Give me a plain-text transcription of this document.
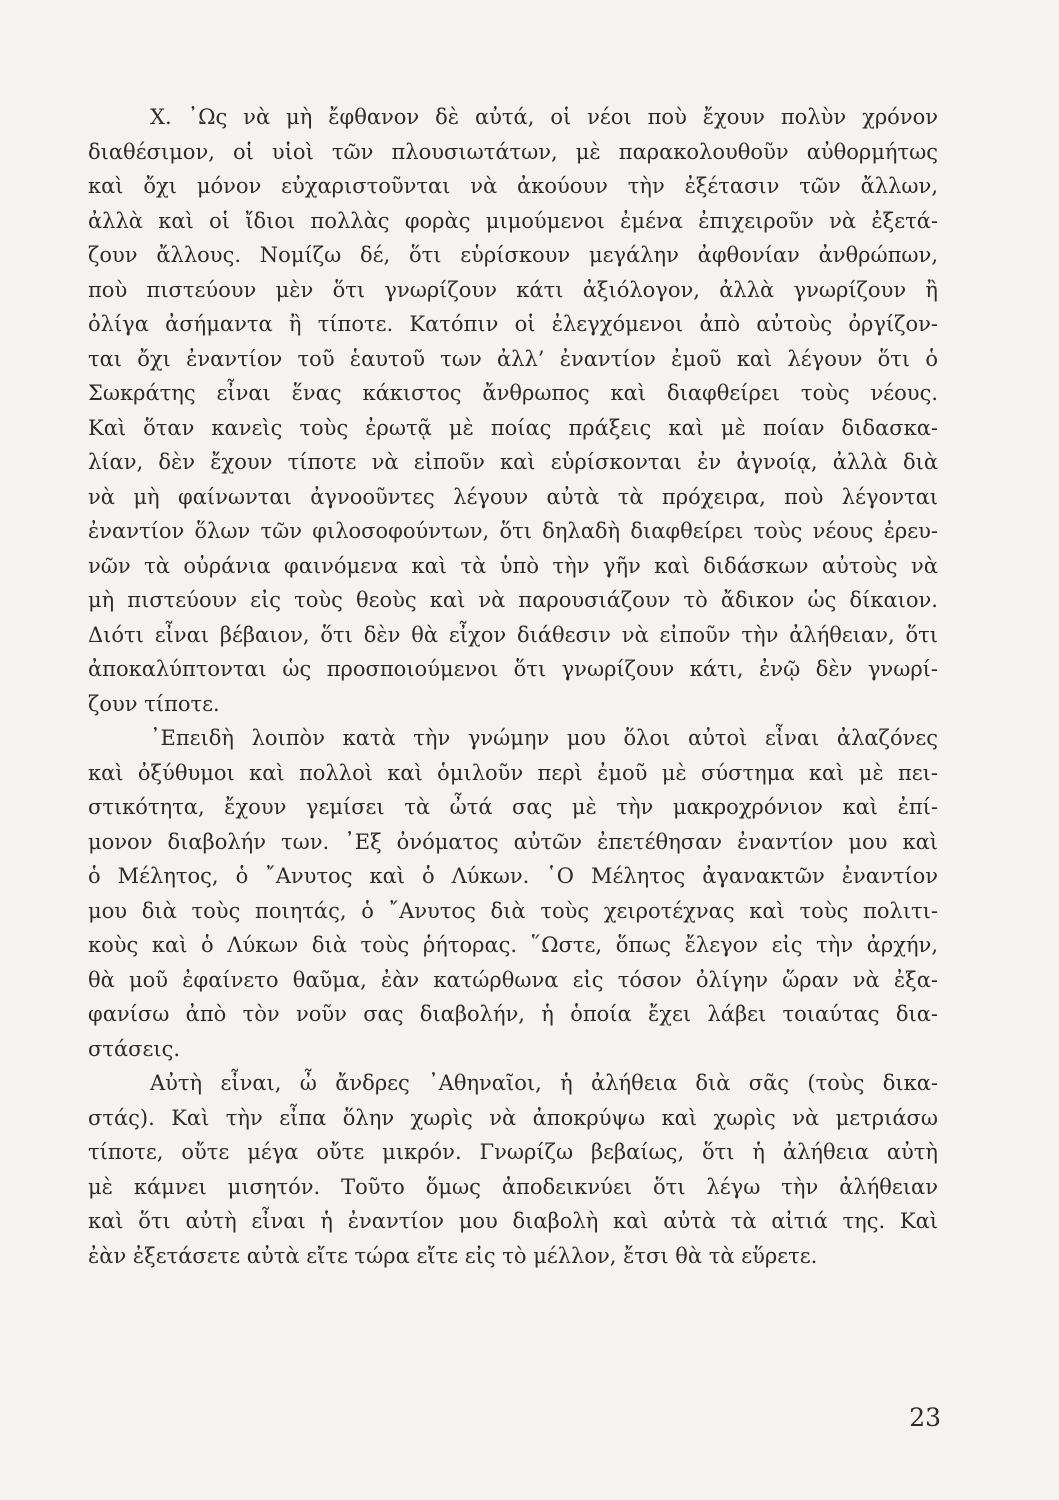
X. ᾿Ως νὰ μὴ ἔφθανον δὲ αὐτά, οἱ νέοι ποὺ ἔχουν πολὺν χρόνον
διαθέσιμον, οἱ υἱοὶ τῶν πλουσιωτάτων, μὲ παρακολουθοῦν αὐθορμήτως
καὶ ὄχι μόνον εὐχαριστοῦνται νὰ ἀκούουν τὴν ἐξέτασιν τῶν ἄλλων,
ἀλλὰ καὶ οἱ ἴδιοι πολλὰς φορὰς μιμούμενοι ἐμένα ἐπιχειροῦν νὰ ἐξετά-
ζουν ἄλλους. Νομίζω δέ, ὅτι εὑρίσκουν μεγάλην ἀφθονίαν ἀνθρώπων,
ποὺ πιστεύουν μὲν ὅτι γνωρίζουν κάτι ἀξιόλογον, ἀλλὰ γνωρίζουν ἢ
ὀλίγα ἀσήμαντα ἢ τίποτε. Κατόπιν οἱ ἐλεγχόμενοι ἀπὸ αὐτοὺς ὀργίζον-
ται ὄχι ἐναντίον τοῦ ἑαυτοῦ των ἀλλ’ ἐναντίον ἐμοῦ καὶ λέγουν ὅτι ὁ
Σωκράτης εἶναι ἕνας κάκιστος ἄνθρωπος καὶ διαφθείρει τοὺς νέους.
Καὶ ὅταν κανεὶς τοὺς ἐρωτᾷ μὲ ποίας πράξεις καὶ μὲ ποίαν διδασκα-
λίαν, δὲν ἔχουν τίποτε νὰ εἰποῦν καὶ εὑρίσκονται ἐν ἀγνοίᾳ, ἀλλὰ διὰ
νὰ μὴ φαίνωνται ἀγνοοῦντες λέγουν αὐτὰ τὰ πρόχειρα, ποὺ λέγονται
ἐναντίον ὅλων τῶν φιλοσοφούντων, ὅτι δηλαδὴ διαφθείρει τοὺς νέους ἐρευ-
νῶν τὰ οὐράνια φαινόμενα καὶ τὰ ὑπὸ τὴν γῆν καὶ διδάσκων αὐτοὺς νὰ
μὴ πιστεύουν εἰς τοὺς θεοὺς καὶ νὰ παρουσιάζουν τὸ ἄδικον ὡς δίκαιον.
Διότι εἶναι βέβαιον, ὅτι δὲν θὰ εἶχον διάθεσιν νὰ εἰποῦν τὴν ἀλήθειαν, ὅτι
ἀποκαλύπτονται ὡς προσποιούμενοι ὅτι γνωρίζουν κάτι, ἐνῷ δὲν γνωρί-
ζουν τίποτε.
᾿Επειδὴ λοιπὸν κατὰ τὴν γνώμην μου ὅλοι αὐτοὶ εἶναι ἀλαζόνες
καὶ ὀξύθυμοι καὶ πολλοὶ καὶ ὁμιλοῦν περὶ ἐμοῦ μὲ σύστημα καὶ μὲ πει-
στικότητα, ἔχουν γεμίσει τὰ ὦτά σας μὲ τὴν μακροχρόνιον καὶ ἐπί-
μονον διαβολήν των. ᾿Εξ ὀνόματος αὐτῶν ἐπετέθησαν ἐναντίον μου καὶ
ὁ Μέλητος, ὁ ῎Ανυτος καὶ ὁ Λύκων. ῾Ο Μέλητος ἀγανακτῶν ἐναντίον
μου διὰ τοὺς ποιητάς, ὁ ῎Ανυτος διὰ τοὺς χειροτέχνας καὶ τοὺς πολιτι-
κοὺς καὶ ὁ Λύκων διὰ τοὺς ῥήτορας. ῞Ωστε, ὅπως ἔλεγον εἰς τὴν ἀρχήν,
θὰ μοῦ ἐφαίνετο θαῦμα, ἐὰν κατώρθωνα εἰς τόσον ὀλίγην ὥραν νὰ ἐξα-
φανίσω ἀπὸ τὸν νοῦν σας διαβολήν, ἡ ὁποία ἔχει λάβει τοιαύτας δια-
στάσεις.
Αὐτὴ εἶναι, ὦ ἄνδρες ᾿Αθηναῖοι, ἡ ἀλήθεια διὰ σᾶς (τοὺς δικα-
στάς). Καὶ τὴν εἶπα ὅλην χωρὶς νὰ ἀποκρύψω καὶ χωρὶς νὰ μετριάσω
τίποτε, οὔτε μέγα οὔτε μικρόν. Γνωρίζω βεβαίως, ὅτι ἡ ἀλήθεια αὐτὴ
μὲ κάμνει μισητόν. Τοῦτο ὅμως ἀποδεικνύει ὅτι λέγω τὴν ἀλήθειαν
καὶ ὅτι αὐτὴ εἶναι ἡ ἐναντίον μου διαβολὴ καὶ αὐτὰ τὰ αἰτιά της. Καὶ
ἐὰν ἐξετάσετε αὐτὰ εἴτε τώρα εἴτε εἰς τὸ μέλλον, ἔτσι θὰ τὰ εὕρετε.
23
